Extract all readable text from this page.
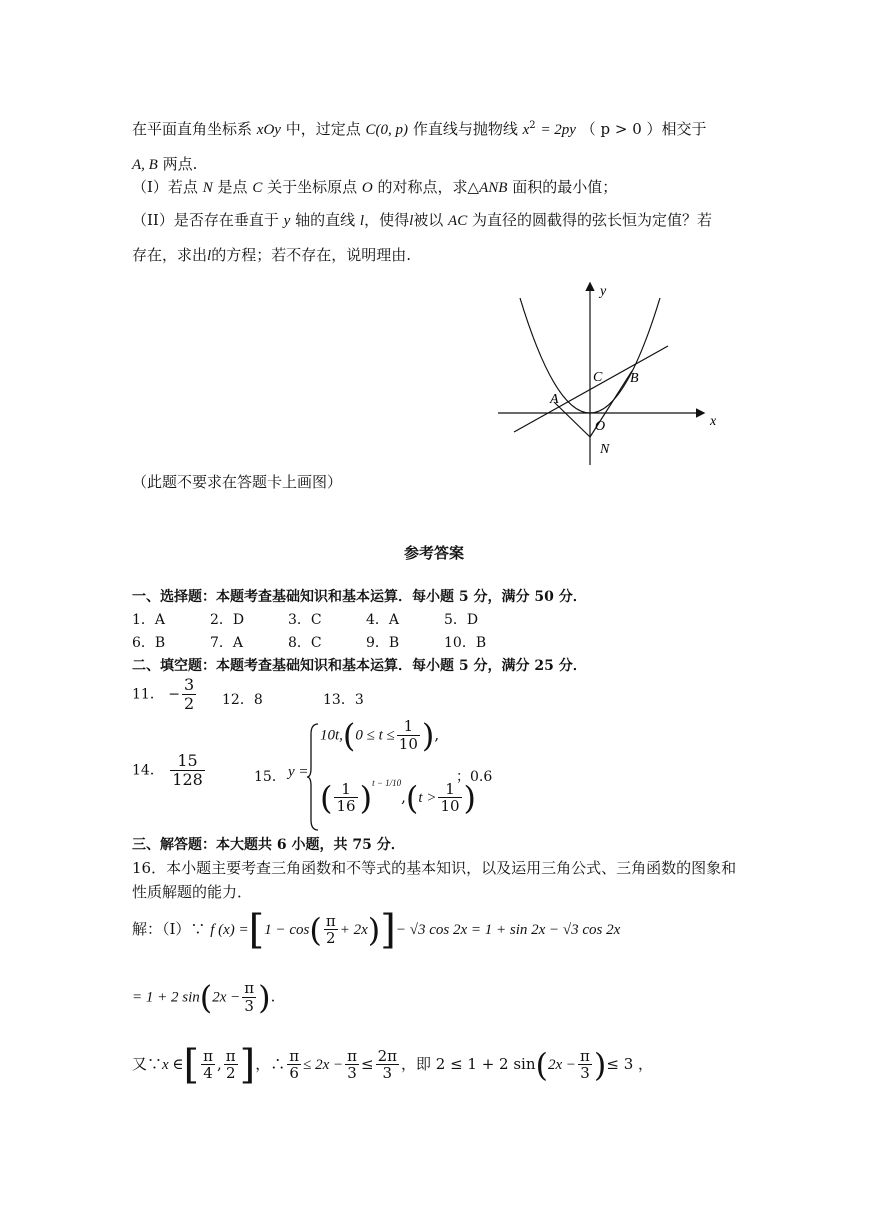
在平面直角坐标系 xOy 中，过定点 C(0, p) 作直线与抛物线 $x^2 = 2py$ （ p > 0 ）相交于
A, B 两点.
（I）若点 N 是点 C 关于坐标原点 O 的对称点，求△ANB 面积的最小值；
（II）是否存在垂直于 y 轴的直线 l，使得l被以 AC 为直径的圆截得的弦长恒为定值？若
存在，求出l的方程；若不存在，说明理由.
y
x
C B
A
O
N
（此题不要求在答题卡上画图）
参考答案
一、选择题：本题考查基础知识和基本运算．每小题 5 分，满分 50 分．
1．A	2．D	3．C	4．A	5．D
6．B	7．A	8．C	9．B	10．B
二、填空题：本题考查基础知识和基本运算．每小题 5 分，满分 25 分．
11． − $\frac{3}{2} 12$．8	13．3
14． $\frac{15}{128}$	15． y =
$10t,(0 \le t \le \frac{1}{10}$ ),
( $\frac{1}{16} )^{t - 1/10},(t > \frac{1}{10}$ )
；0.6
三、解答题：本大题共 6 小题，共 75 分．
16．本小题主要考查三角函数和不等式的基本知识，以及运用三角公式、三角函数的图象和
性质解题的能力．
解：（Ⅰ）∵ f $(x) =[1 - \cos( \frac{\pi}{2} + 2x)]- √3$ cos 2x = 1 + sin 2x − √3 cos 2x
= 1 + 2 $\sin(2x - \frac{\pi}{3}$ ).
又∵x ∈[ $\frac{\pi}{4}$ , $\frac{\pi}{2}$ ]，∴ $\frac{\pi}{6} \le 2x - \frac{\pi}{3} \le \frac{2\pi}{3}$ ，即 2 ≤ 1 + 2 $\sin(2x - \frac{\pi}{3}$ )≤ 3 ，
